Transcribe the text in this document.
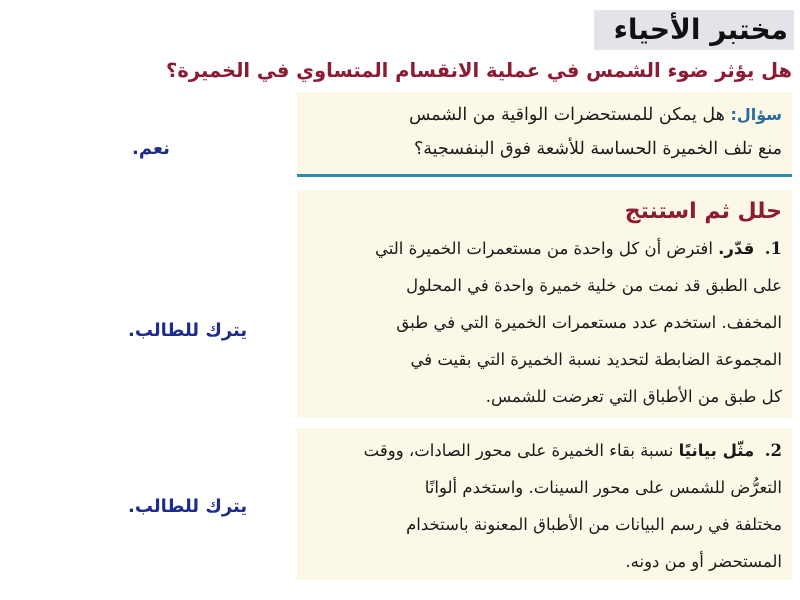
مختبر الأحياء
هل يؤثر ضوء الشمس في عملية الانقسام المتساوي في الخميرة؟
سؤال: هل يمكن للمستحضرات الواقية من الشمس
منع تلف الخميرة الحساسة للأشعة فوق البنفسجية؟
نعم.
حلل ثم استنتج
1.  قدّر. افترض أن كل واحدة من مستعمرات الخميرة التي
على الطبق قد نمت من خلية خميرة واحدة في المحلول
المخفف. استخدم عدد مستعمرات الخميرة التي في طبق
المجموعة الضابطة لتحديد نسبة الخميرة التي بقيت في
كل طبق من الأطباق التي تعرضت للشمس.
يترك للطالب.
2.  مثّل بيانيًا نسبة بقاء الخميرة على محور الصادات، ووقت
التعرُّض للشمس على محور السينات. واستخدم ألوانًا
مختلفة في رسم البيانات من الأطباق المعنونة باستخدام
المستحضر أو من دونه.
يترك للطالب.
